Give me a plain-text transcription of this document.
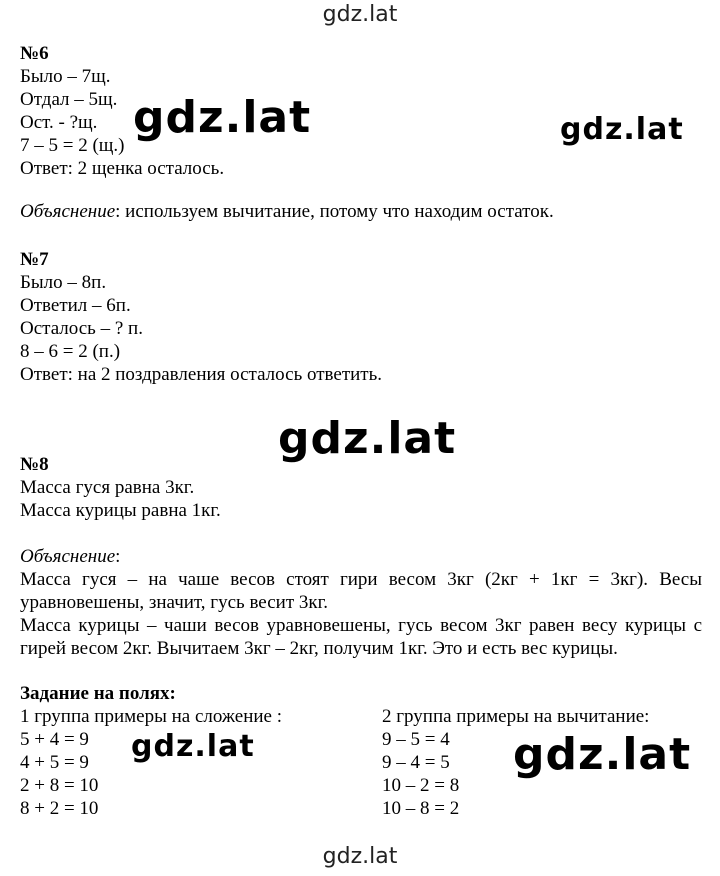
gdz.lat
gdz.lat	gdz.lat
gdz.lat
gdz.lat	gdz.lat
gdz.lat
№6
Было – 7щ.
Отдал – 5щ.
Ост. - ?щ.
7 – 5 = 2 (щ.)
Ответ: 2 щенка осталось.
Объяснение: используем вычитание, потому что находим остаток.
№7
Было – 8п.
Ответил – 6п.
Осталось – ? п.
8 – 6 = 2 (п.)
Ответ: на 2 поздравления осталось ответить.
№8
Масса гуся равна 3кг.
Масса курицы равна 1кг.
Объяснение:
Масса гуся – на чаше весов стоят гири весом 3кг (2кг + 1кг = 3кг). Весы уравновешены, значит, гусь весит 3кг.
Масса курицы – чаши весов уравновешены, гусь весом 3кг равен весу курицы с гирей весом 2кг. Вычитаем 3кг – 2кг, получим 1кг. Это и есть вес курицы.
Задание на полях:
1 группа примеры на сложение :
5 + 4 = 9
4 + 5 = 9
2 + 8 = 10
8 + 2 = 10
2 группа примеры на вычитание:
9 – 5 = 4
9 – 4 = 5
10 – 2 = 8
10 – 8 = 2
